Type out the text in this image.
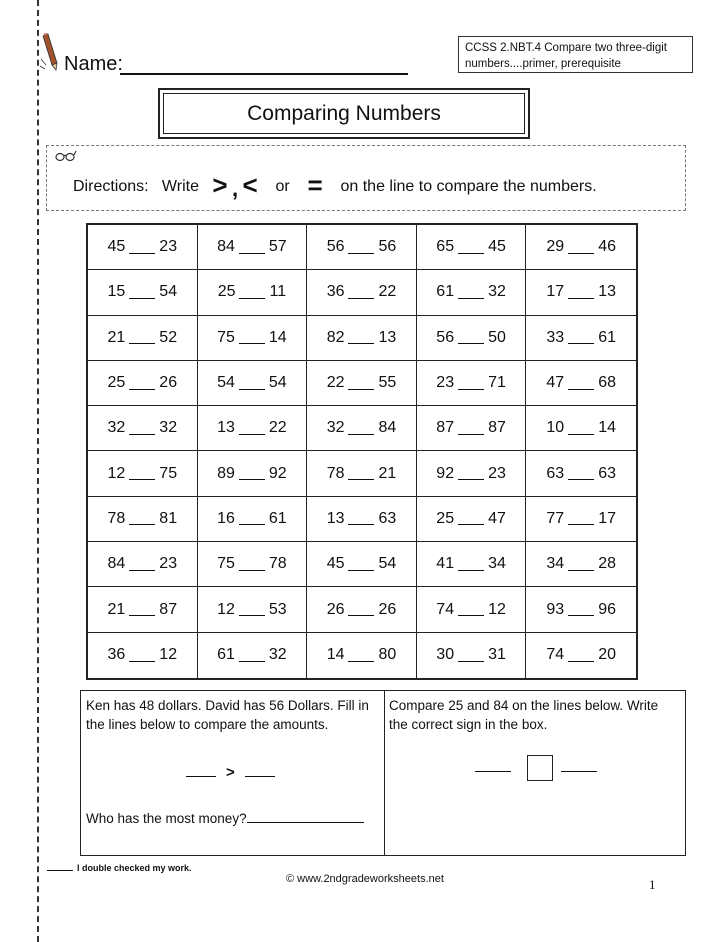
Name:
CCSS 2.NBT.4 Compare two three-digit
numbers....primer, prerequisite
Comparing Numbers
Directions: Write > , < or = on the line to compare the numbers.
45 23	84 57	56 56	65 45	29 46
15 54	25 11	36 22	61 32	17 13
21 52	75 14	82 13	56 50	33 61
25 26	54 54	22 55	23 71	47 68
32 32	13 22	32 84	87 87	10 14
12 75	89 92	78 21	92 23	63 63
78 81	16 61	13 63	25 47	77 17
84 23	75 78	45 54	41 34	34 28
21 87	12 53	26 26	74 12	93 96
36 12	61 32	14 80	30 31	74 20
Ken has 48 dollars. David has 56 Dollars. Fill in the lines below to compare the amounts.
>
Who has the most money?
Compare 25 and 84 on the lines below. Write the correct sign in the box.
I double checked my work.
© www.2ndgradeworksheets.net	1
